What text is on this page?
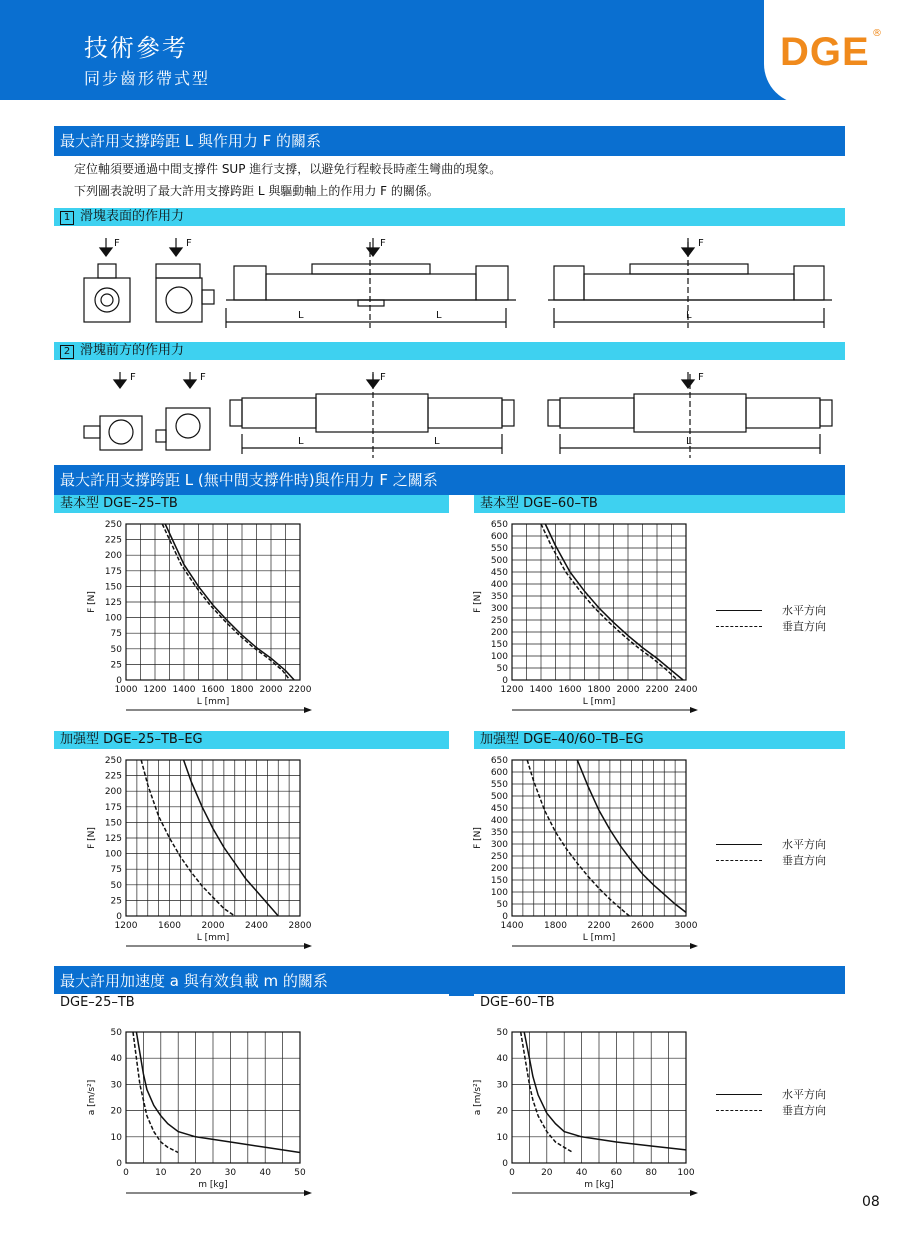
技術參考
同步齒形帶式型
DGE ®
最大許用支撐跨距 L 與作用力 F 的關系
定位軸須要通過中間支撐件 SUP 進行支撐，以避免行程較長時產生彎曲的現象。
下列圖表說明了最大許用支撐跨距 L 與驅動軸上的作用力 F 的關係。
1 滑塊表面的作用力
F	F	F	F
L	L	L
2 滑塊前方的作用力
F	F	F	F
L	L	L
最大許用支撐跨距 L (無中間支撐件時)與作用力 F 之關系
基本型 DGE–25–TB	基本型 DGE–60–TB
0
25
50
75
100
125
150
175
200
225
250
1000 1200 1400 1600 1800 2000 2200
L [mm]
F [N]
0
50
100
150
200
250
300
350
400
450
500
550
600
650
1200 1400 1600 1800 2000 2200 2400
L [mm]
F [N]	水平方向
垂直方向
加强型 DGE–25–TB–EG	加强型 DGE–40/60–TB–EG
0
25
50
75
100
125
150
175
200
225
250
1200 1600 2000 2400 2800
L [mm]
F [N]
0
50
100
150
200
250
300
350
400
450
500
550
600
650
1400 1800 2200 2600 3000
L [mm]
F [N]	水平方向
垂直方向
最大許用加速度 a 與有效負載 m 的關系
DGE–25–TB	DGE–60–TB
0
10
20
30
40
50
0	10	20	30	40	50
m [kg]
a [m/s²]
0
10
20
30
40
50
0	20	40	60	80 100
m [kg]
a [m/s²]	水平方向
垂直方向
08
